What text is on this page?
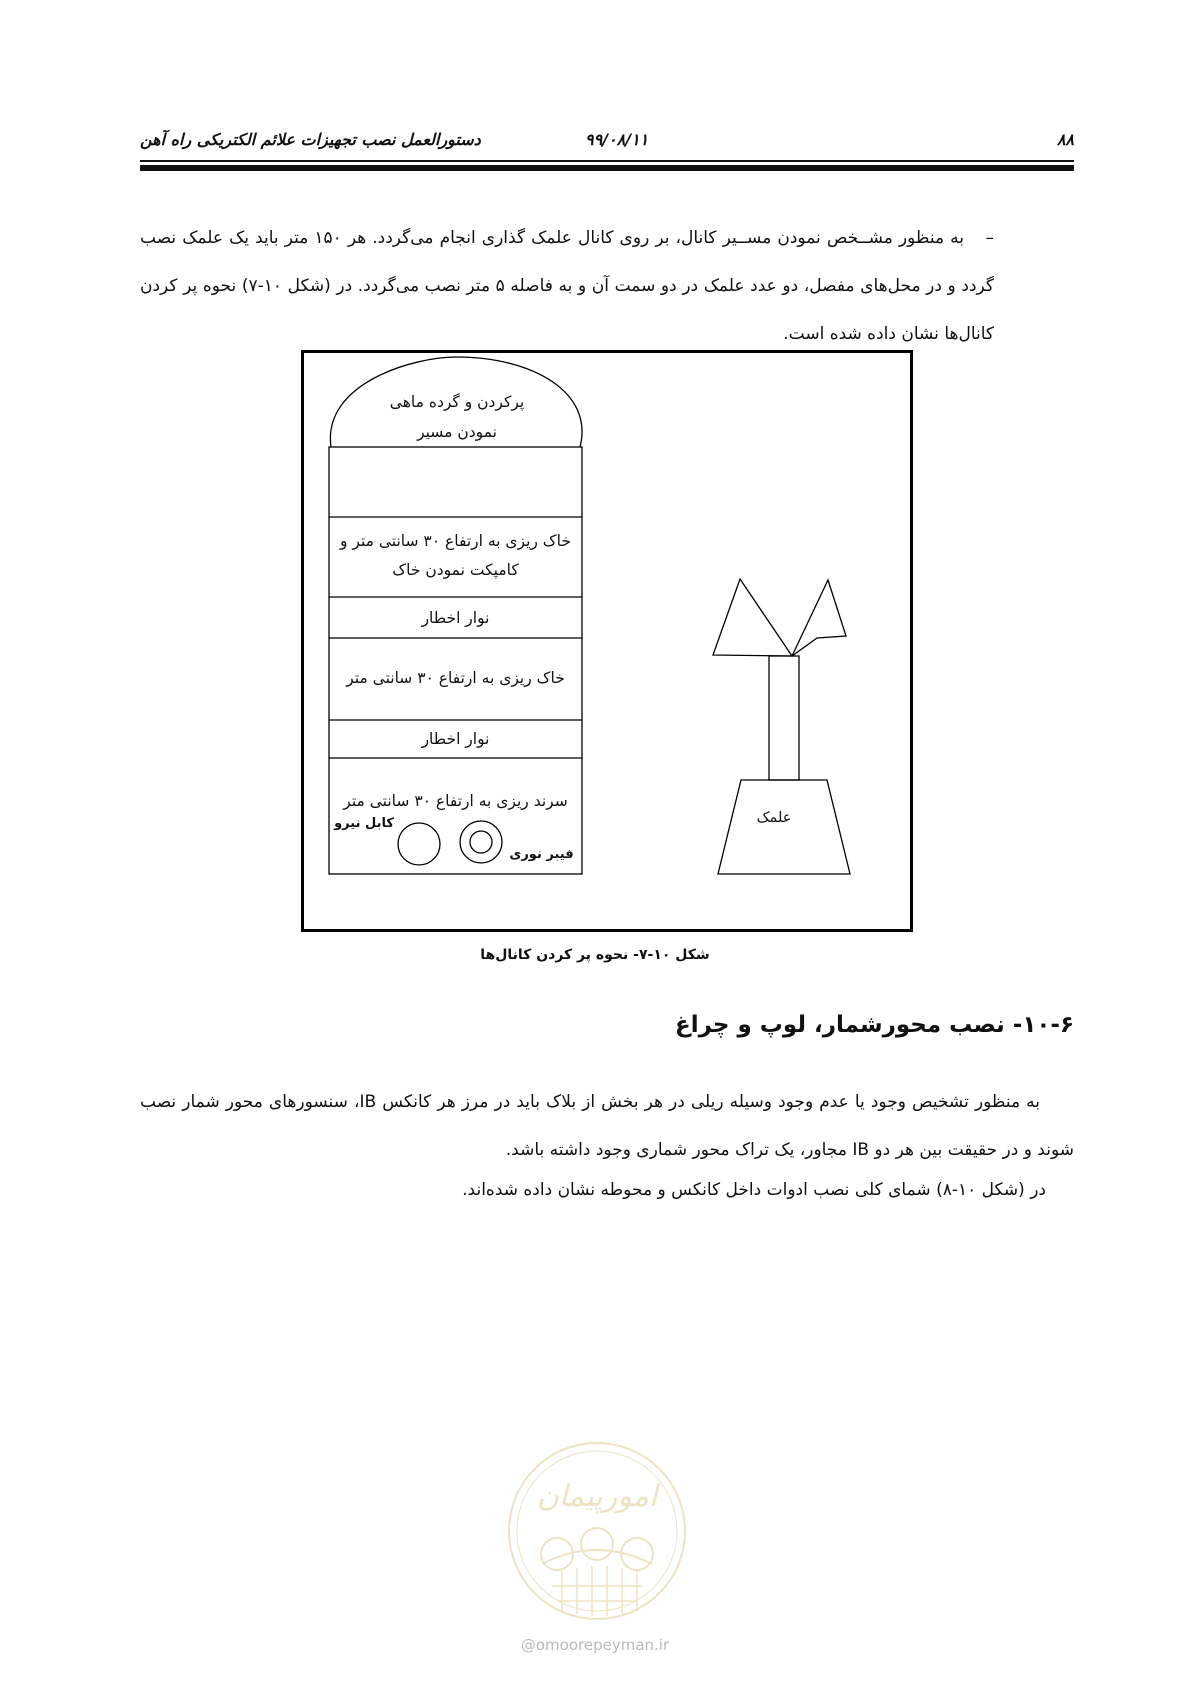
دستورالعمل نصب تجهیزات علائم الکتریکی راه آهن	۹۹/۰۸/۱۱	۸۸
–به منظور مشــخص نمودن مســیر کانال، بر روی کانال علمک گذاری انجام می‌گردد. هر ۱۵۰ متر باید یک علمک نصب گردد و در محل‌های مفصل، دو عدد علمک در دو سمت آن و به فاصله ۵ متر نصب می‌گردد. در (شکل ۱۰-۷) نحوه پر کردن کانال‌ها نشان داده شده است.
پرکردن و گرده ماهی
نمودن مسیر
خاک ریزی به ارتفاع ۳۰ سانتی متر و
کامپکت نمودن خاک
نوار اخطار
خاک ریزی به ارتفاع ۳۰ سانتی متر
نوار اخطار
سرند ریزی به ارتفاع ۳۰ سانتی متر
کابل نیرو
فیبر نوری
علمک
شکل ۱۰-۷- نحوه پر کردن کانال‌ها
۱۰-۶- نصب محورشمار، لوپ و چراغ
به منظور تشخیص وجود یا عدم وجود وسیله ریلی در هر بخش از بلاک باید در مرز هر کانکس IB، سنسورهای محور شمار نصب شوند و در حقیقت بین هر دو IB مجاور، یک تراک محور شماری وجود داشته باشد.
در (شکل ۱۰-۸) شمای کلی نصب ادوات داخل کانکس و محوطه نشان داده شده‌اند.
امورپیمان
@omoorepeyman.ir
